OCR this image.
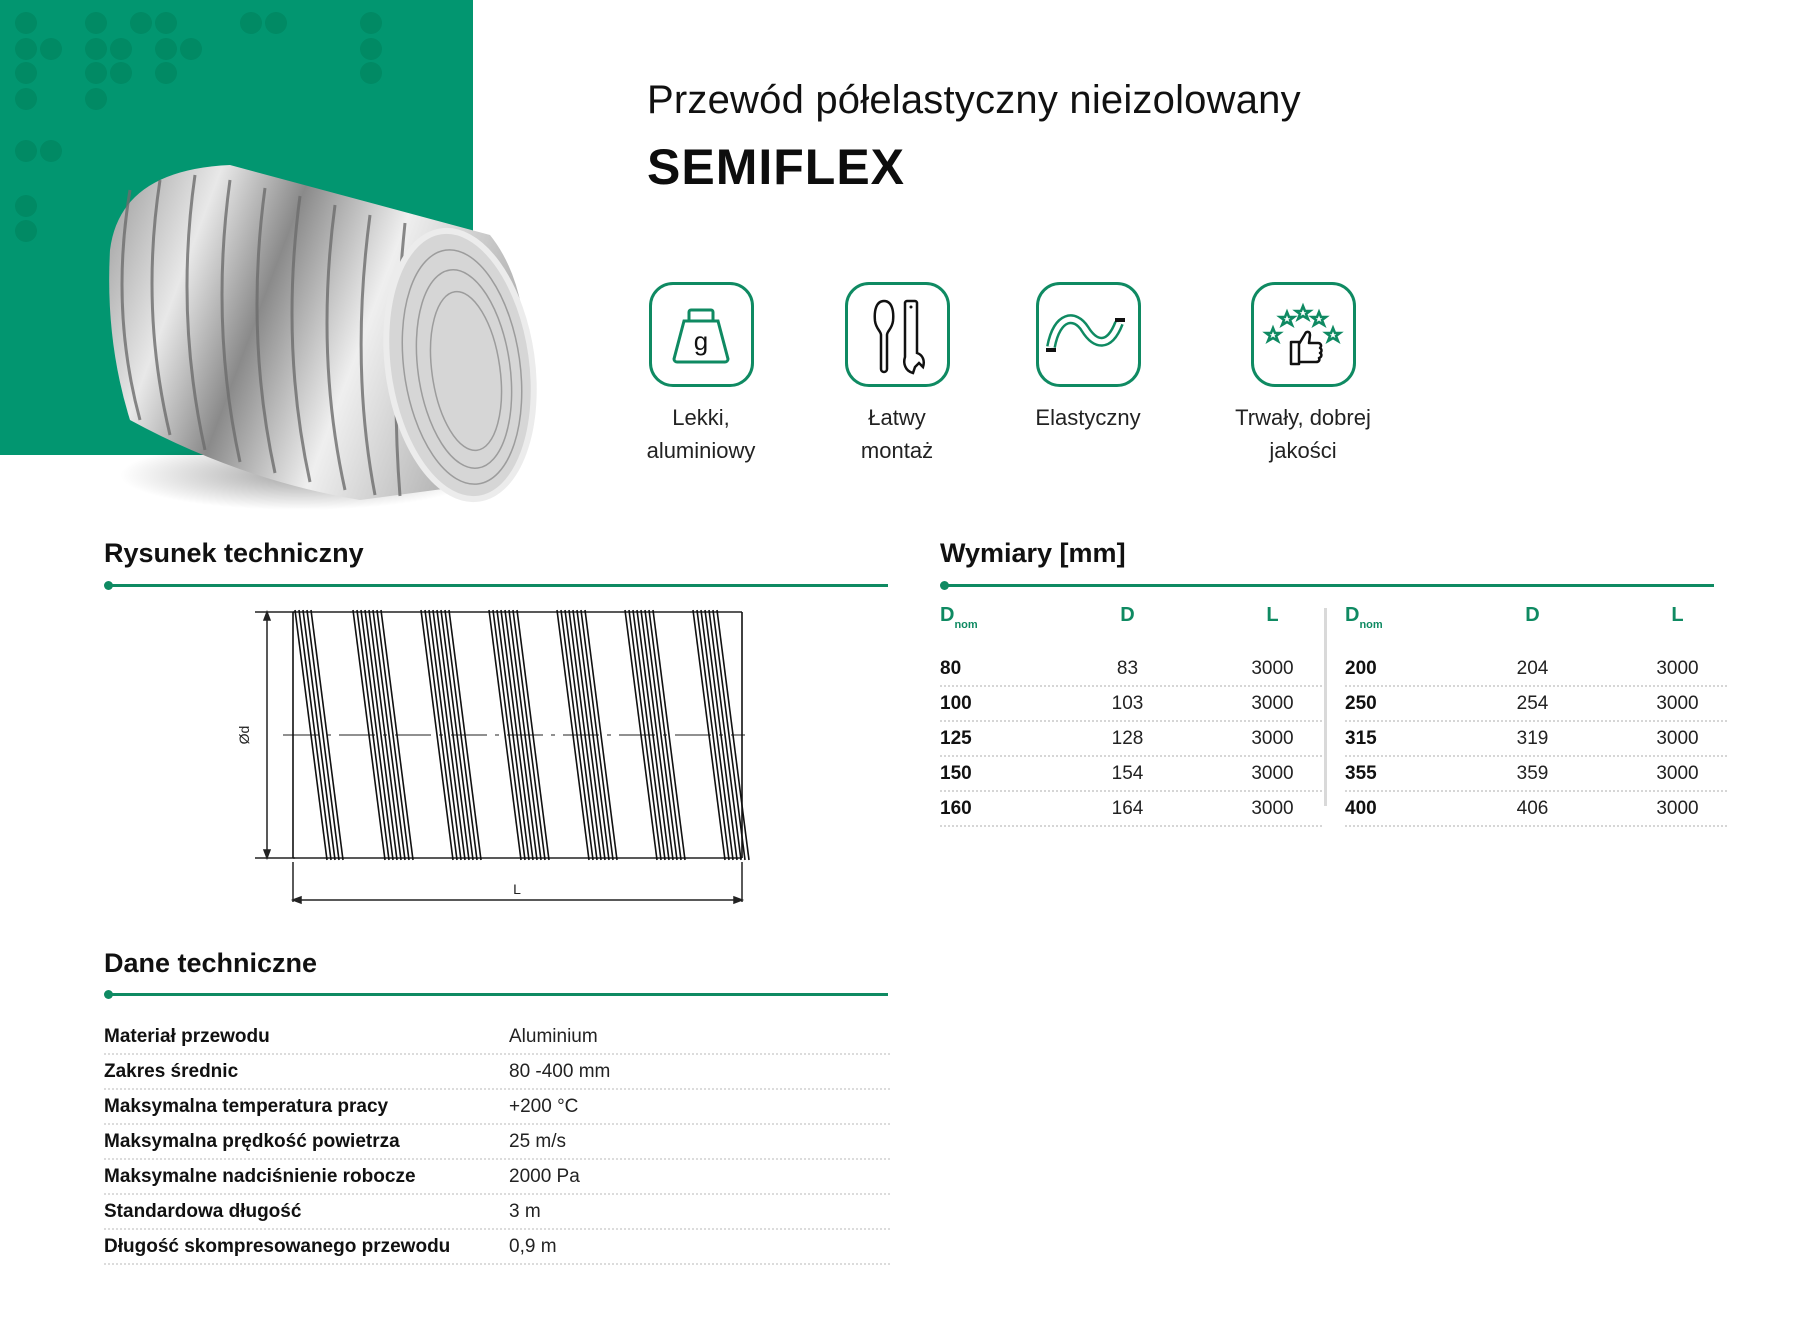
Przewód półelastyczny nieizolowany
SEMIFLEX
g
Lekki,
aluminiowy
Łatwy
montaż
Elastyczny	Trwały, dobrej
jakości
Rysunek techniczny
Ød
L
Wymiary [mm]
$D_{nom}$	D	L
80	83	3000
100	103	3000
125	128	3000
150	154	3000
160	164	3000
$D_{nom}$	D	L
200	204	3000
250	254	3000
315	319	3000
355	359	3000
400	406	3000
Dane techniczne
Materiał przewodu	Aluminium
Zakres średnic	80 -400 mm
Maksymalna temperatura pracy	+200 °C
Maksymalna prędkość powietrza	25 m/s
Maksymalne nadciśnienie robocze	2000 Pa
Standardowa długość	3 m
Długość skompresowanego przewodu	0,9 m
